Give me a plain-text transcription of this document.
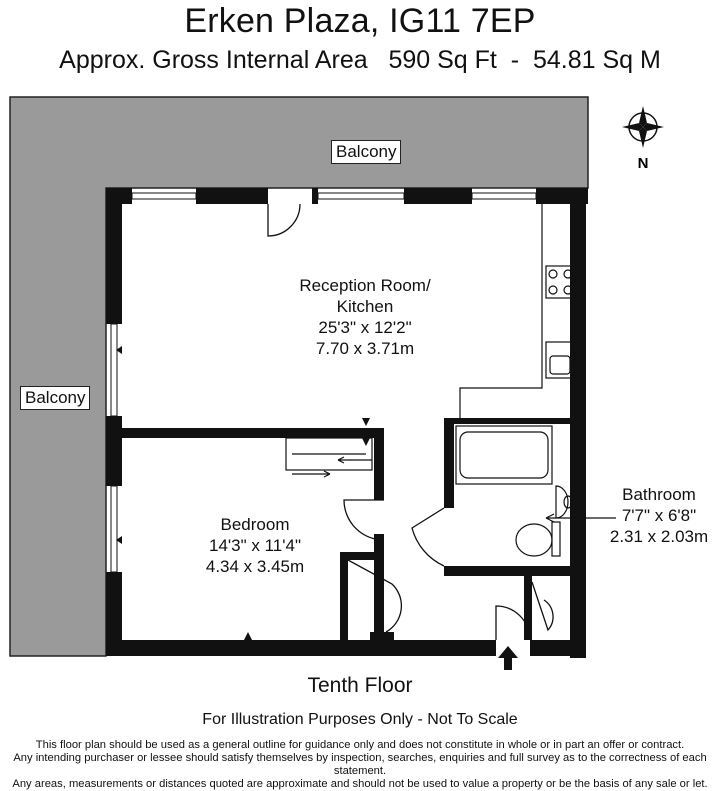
Erken Plaza, IG11 7EP
Approx. Gross Internal Area   590 Sq Ft  -  54.81 Sq M
N
Balcony
Balcony
Reception Room/
Kitchen
25'3" x 12'2"
7.70 x 3.71m
Bedroom
14'3" x 11'4"
4.34 x 3.45m
Bathroom
7'7" x 6'8"
2.31 x 2.03m
Tenth Floor
For Illustration Purposes Only - Not To Scale
This floor plan should be used as a general outline for guidance only and does not constitute in whole or in part an offer or contract.
Any intending purchaser or lessee should satisfy themselves by inspection, searches, enquiries and full survey as to the correctness of each statement.
Any areas, measurements or distances quoted are approximate and should not be used to value a property or be the basis of any sale or let.
